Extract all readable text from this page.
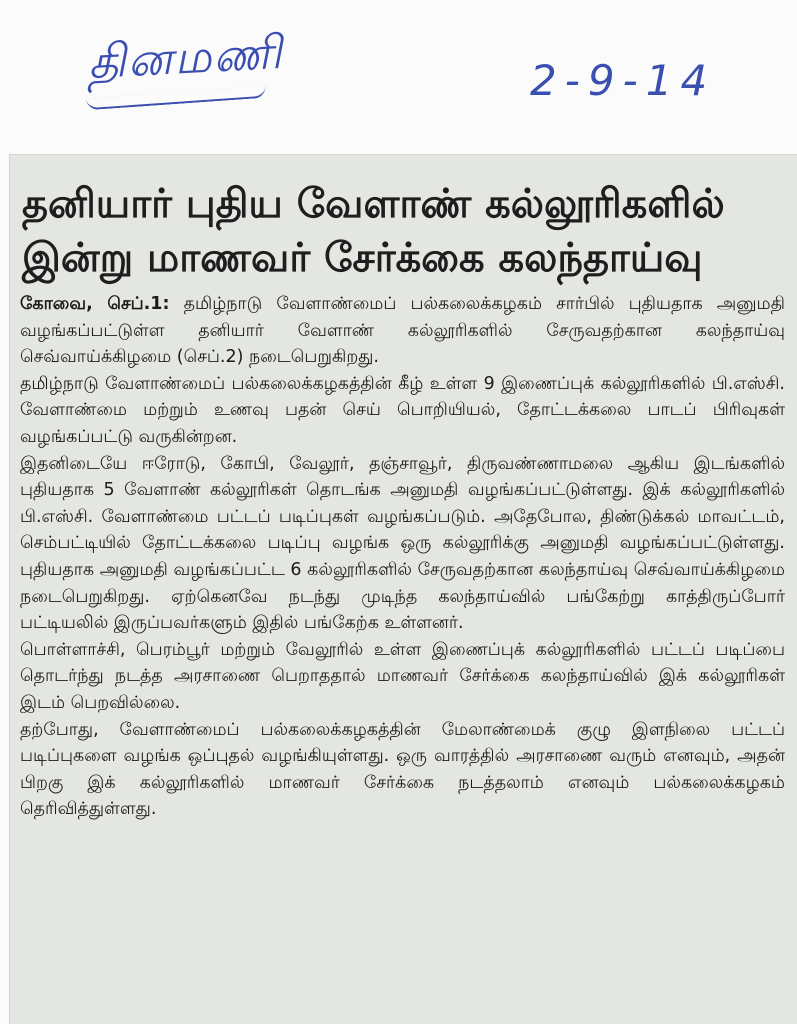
தினமணி	2-9-14
தனியார் புதிய வேளாண் கல்லூரிகளில்
இன்று மாணவர் சேர்க்கை கலந்தாய்வு

கோவை, செப்.1: தமிழ்நாடு வேளாண்மைப் பல்கலைக்கழகம் சார்பில் புதியதாக அனுமதி வழங்கப்பட்டுள்ள தனியார் வேளாண் கல்லூரிகளில் சேருவதற்கான கலந்தாய்வு செவ்வாய்க்கிழமை (செப்.2) நடைபெறுகிறது.

தமிழ்நாடு வேளாண்மைப் பல்கலைக்கழகத்தின் கீழ் உள்ள 9 இணைப்புக் கல்லூரிகளில் பி.எஸ்சி. வேளாண்மை மற்றும் உணவு பதன் செய் பொறியியல், தோட்டக்கலை பாடப் பிரிவுகள் வழங்கப்பட்டு வருகின்றன.

இதனிடையே ஈரோடு, கோபி, வேலூர், தஞ்சாவூர், திருவண்ணாமலை ஆகிய இடங்களில் புதியதாக 5 வேளாண் கல்லூரிகள் தொடங்க அனுமதி வழங்கப்பட்டுள்ளது. இக் கல்லூரிகளில் பி.எஸ்சி. வேளாண்மை பட்டப் படிப்புகள் வழங்கப்படும். அதேபோல, திண்டுக்கல் மாவட்டம், செம்பட்டியில் தோட்டக்கலை படிப்பு வழங்க ஒரு கல்லூரிக்கு அனுமதி வழங்கப்பட்டுள்ளது. புதியதாக அனுமதி வழங்கப்பட்ட 6 கல்லூரிகளில் சேருவதற்கான கலந்தாய்வு செவ்வாய்க்கிழமை நடைபெறுகிறது. ஏற்கெனவே நடந்து முடிந்த கலந்தாய்வில் பங்கேற்று காத்திருப்போர் பட்டியலில் இருப்பவர்களும் இதில் பங்கேற்க உள்ளனர்.

பொள்ளாச்சி, பெரம்பூர் மற்றும் வேலூரில் உள்ள இணைப்புக் கல்லூரிகளில் பட்டப் படிப்பை தொடர்ந்து நடத்த அரசாணை பெறாததால் மாணவர் சேர்க்கை கலந்தாய்வில் இக் கல்லூரிகள் இடம் பெறவில்லை.

தற்போது, வேளாண்மைப் பல்கலைக்கழகத்தின் மேலாண்மைக் குழு இளநிலை பட்டப் படிப்புகளை வழங்க ஒப்புதல் வழங்கியுள்ளது. ஒரு வாரத்தில் அரசாணை வரும் எனவும், அதன் பிறகு இக் கல்லூரிகளில் மாணவர் சேர்க்கை நடத்தலாம் எனவும் பல்கலைக்கழகம் தெரிவித்துள்ளது.
